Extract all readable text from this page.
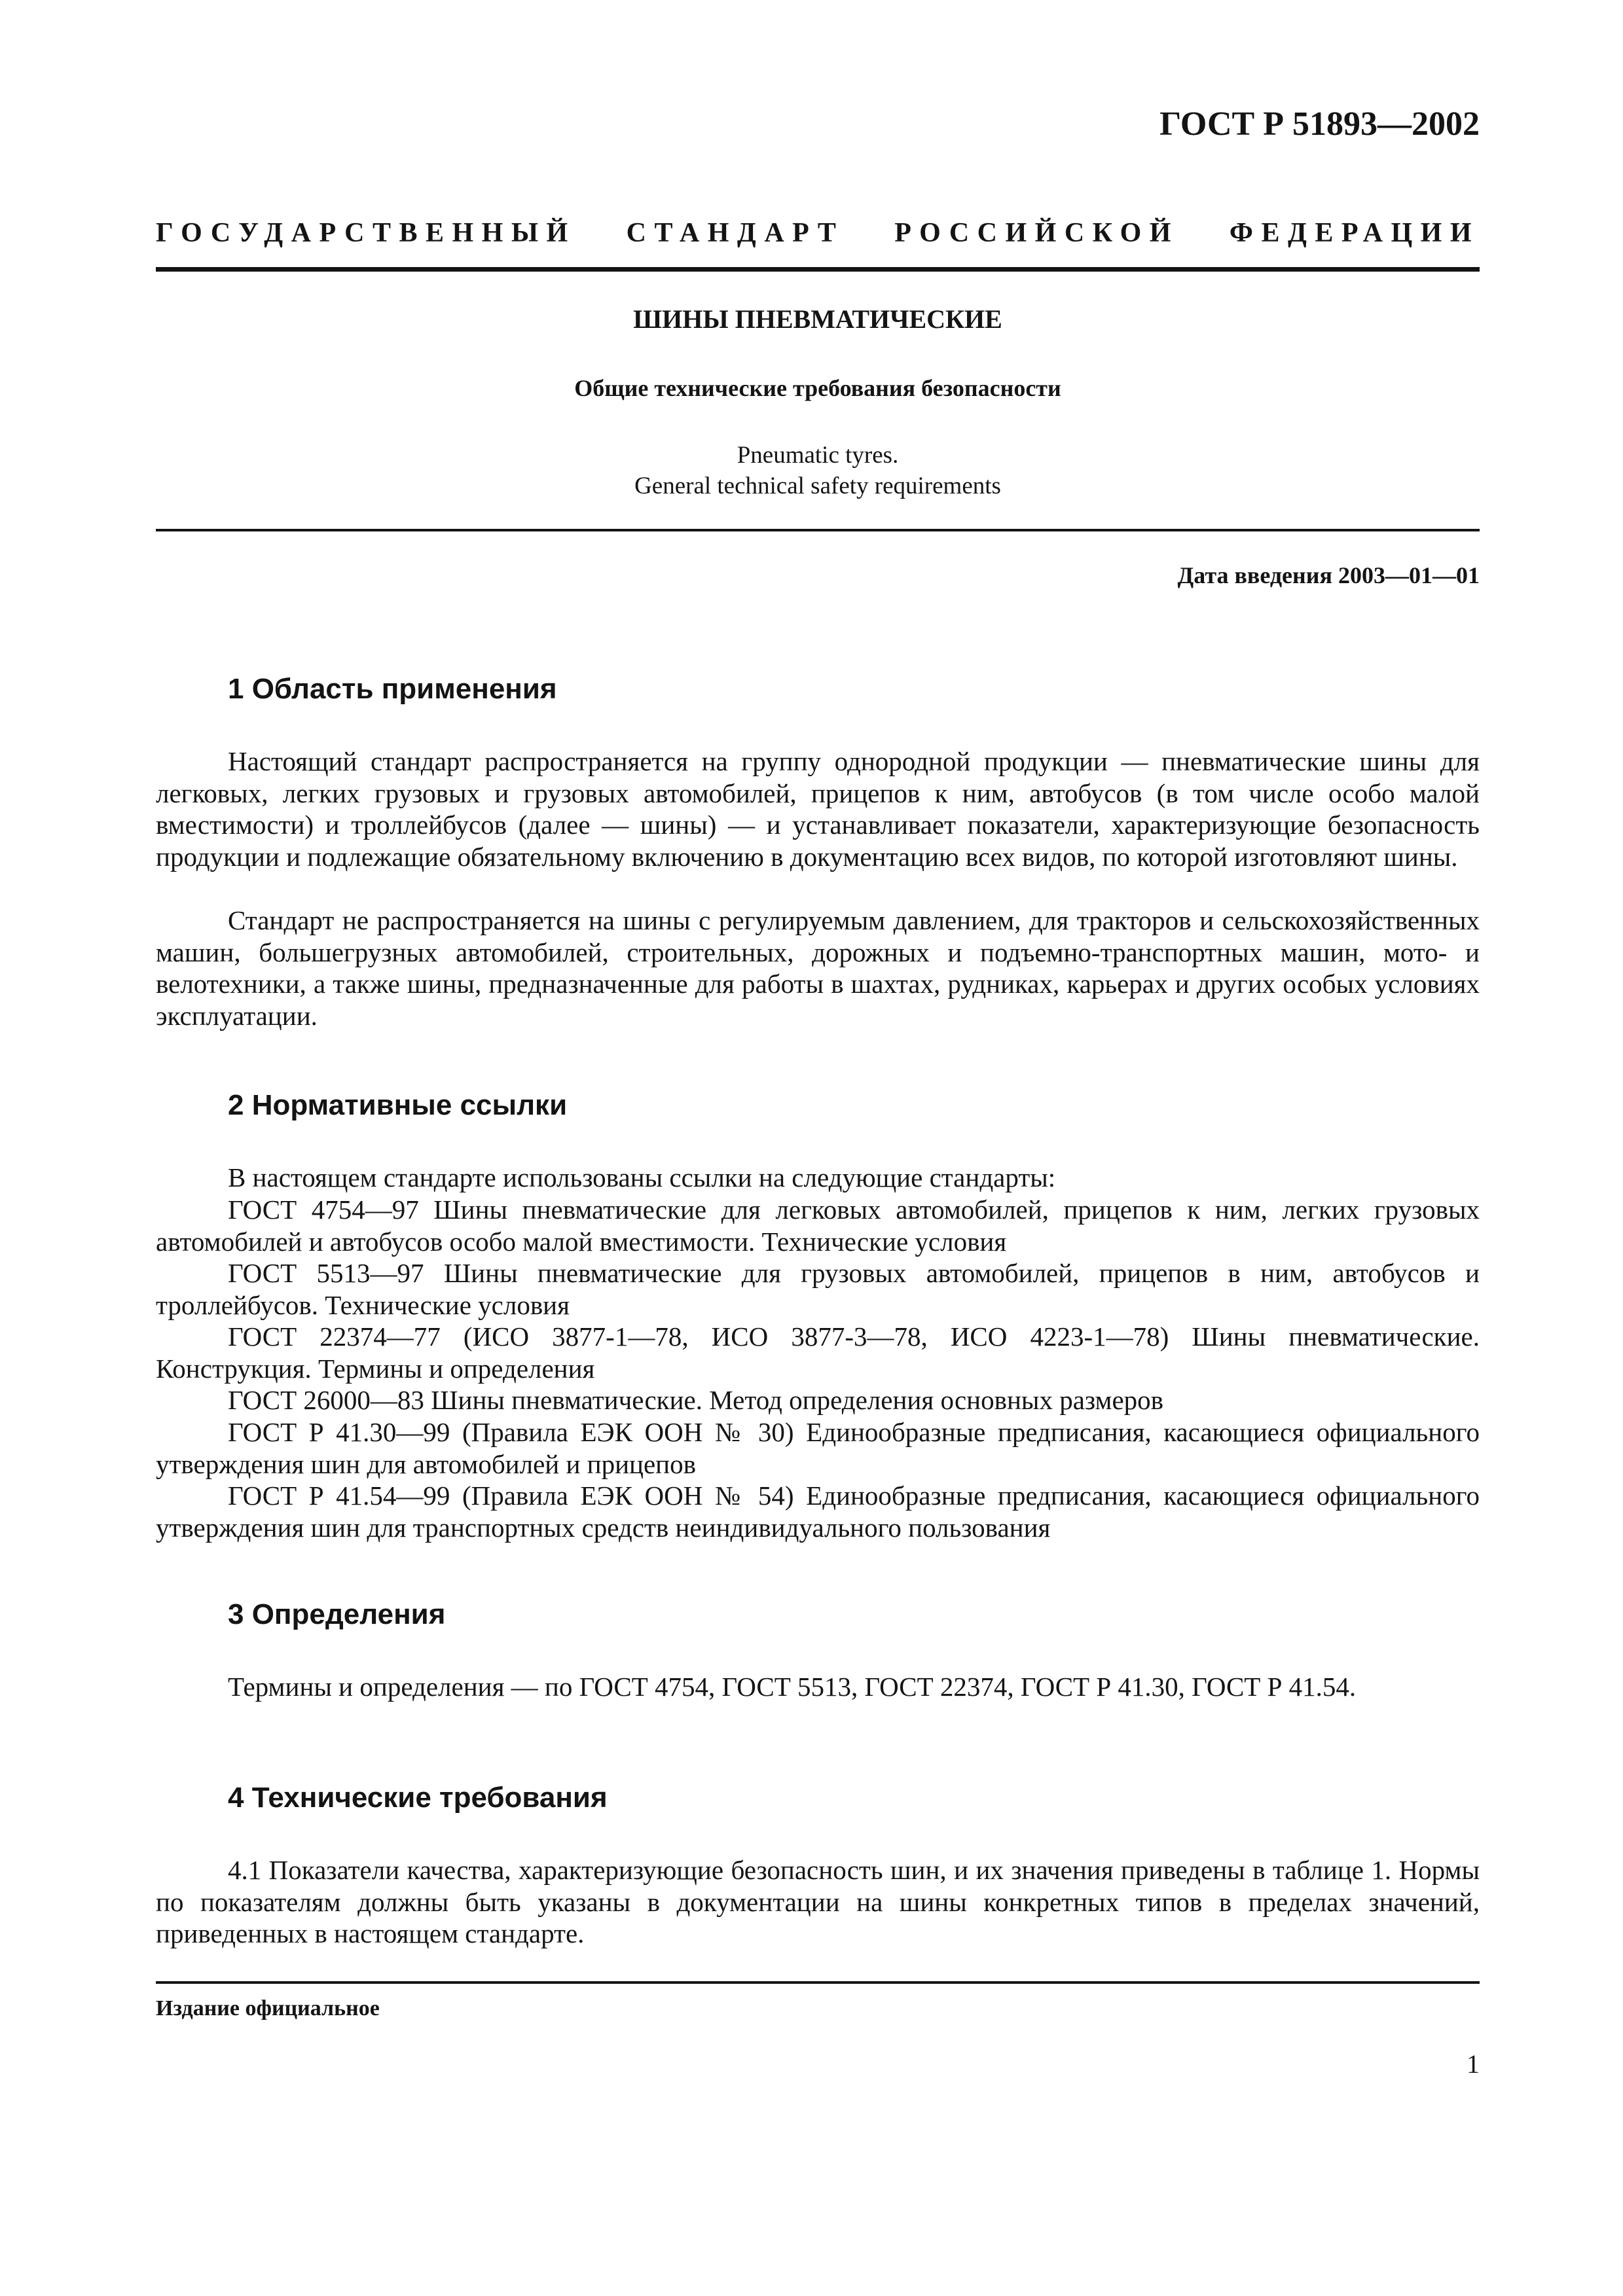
ГОСТ Р 51893—2002
ГОСУДАРСТВЕННЫЙ СТАНДАРТ РОССИЙСКОЙ ФЕДЕРАЦИИ
ШИНЫ ПНЕВМАТИЧЕСКИЕ
Общие технические требования безопасности
Pneumatic tyres.
General technical safety requirements
Дата введения 2003—01—01
1 Область применения
Настоящий стандарт распространяется на группу однородной продукции — пневматические шины для легковых, легких грузовых и грузовых автомобилей, прицепов к ним, автобусов (в том числе особо малой вместимости) и троллейбусов (далее — шины) — и устанавливает показатели, характеризующие безопасность продукции и подлежащие обязательному включению в документацию всех видов, по которой изготовляют шины.
Стандарт не распространяется на шины с регулируемым давлением, для тракторов и сельскохозяйственных машин, большегрузных автомобилей, строительных, дорожных и подъемно-транспортных машин, мото- и велотехники, а также шины, предназначенные для работы в шахтах, рудниках, карьерах и других особых условиях эксплуатации.
2 Нормативные ссылки
В настоящем стандарте использованы ссылки на следующие стандарты:
ГОСТ 4754—97 Шины пневматические для легковых автомобилей, прицепов к ним, легких грузовых автомобилей и автобусов особо малой вместимости. Технические условия
ГОСТ 5513—97 Шины пневматические для грузовых автомобилей, прицепов в ним, автобусов и троллейбусов. Технические условия
ГОСТ 22374—77 (ИСО 3877-1—78, ИСО 3877-3—78, ИСО 4223-1—78) Шины пневматические. Конструкция. Термины и определения
ГОСТ 26000—83 Шины пневматические. Метод определения основных размеров
ГОСТ Р 41.30—99 (Правила ЕЭК ООН № 30) Единообразные предписания, касающиеся официального утверждения шин для автомобилей и прицепов
ГОСТ Р 41.54—99 (Правила ЕЭК ООН № 54) Единообразные предписания, касающиеся официального утверждения шин для транспортных средств неиндивидуального пользования
3 Определения
Термины и определения — по ГОСТ 4754, ГОСТ 5513, ГОСТ 22374, ГОСТ Р 41.30, ГОСТ Р 41.54.
4 Технические требования
4.1 Показатели качества, характеризующие безопасность шин, и их значения приведены в таблице 1. Нормы по показателям должны быть указаны в документации на шины конкретных типов в пределах значений, приведенных в настоящем стандарте.
Издание официальное
1
